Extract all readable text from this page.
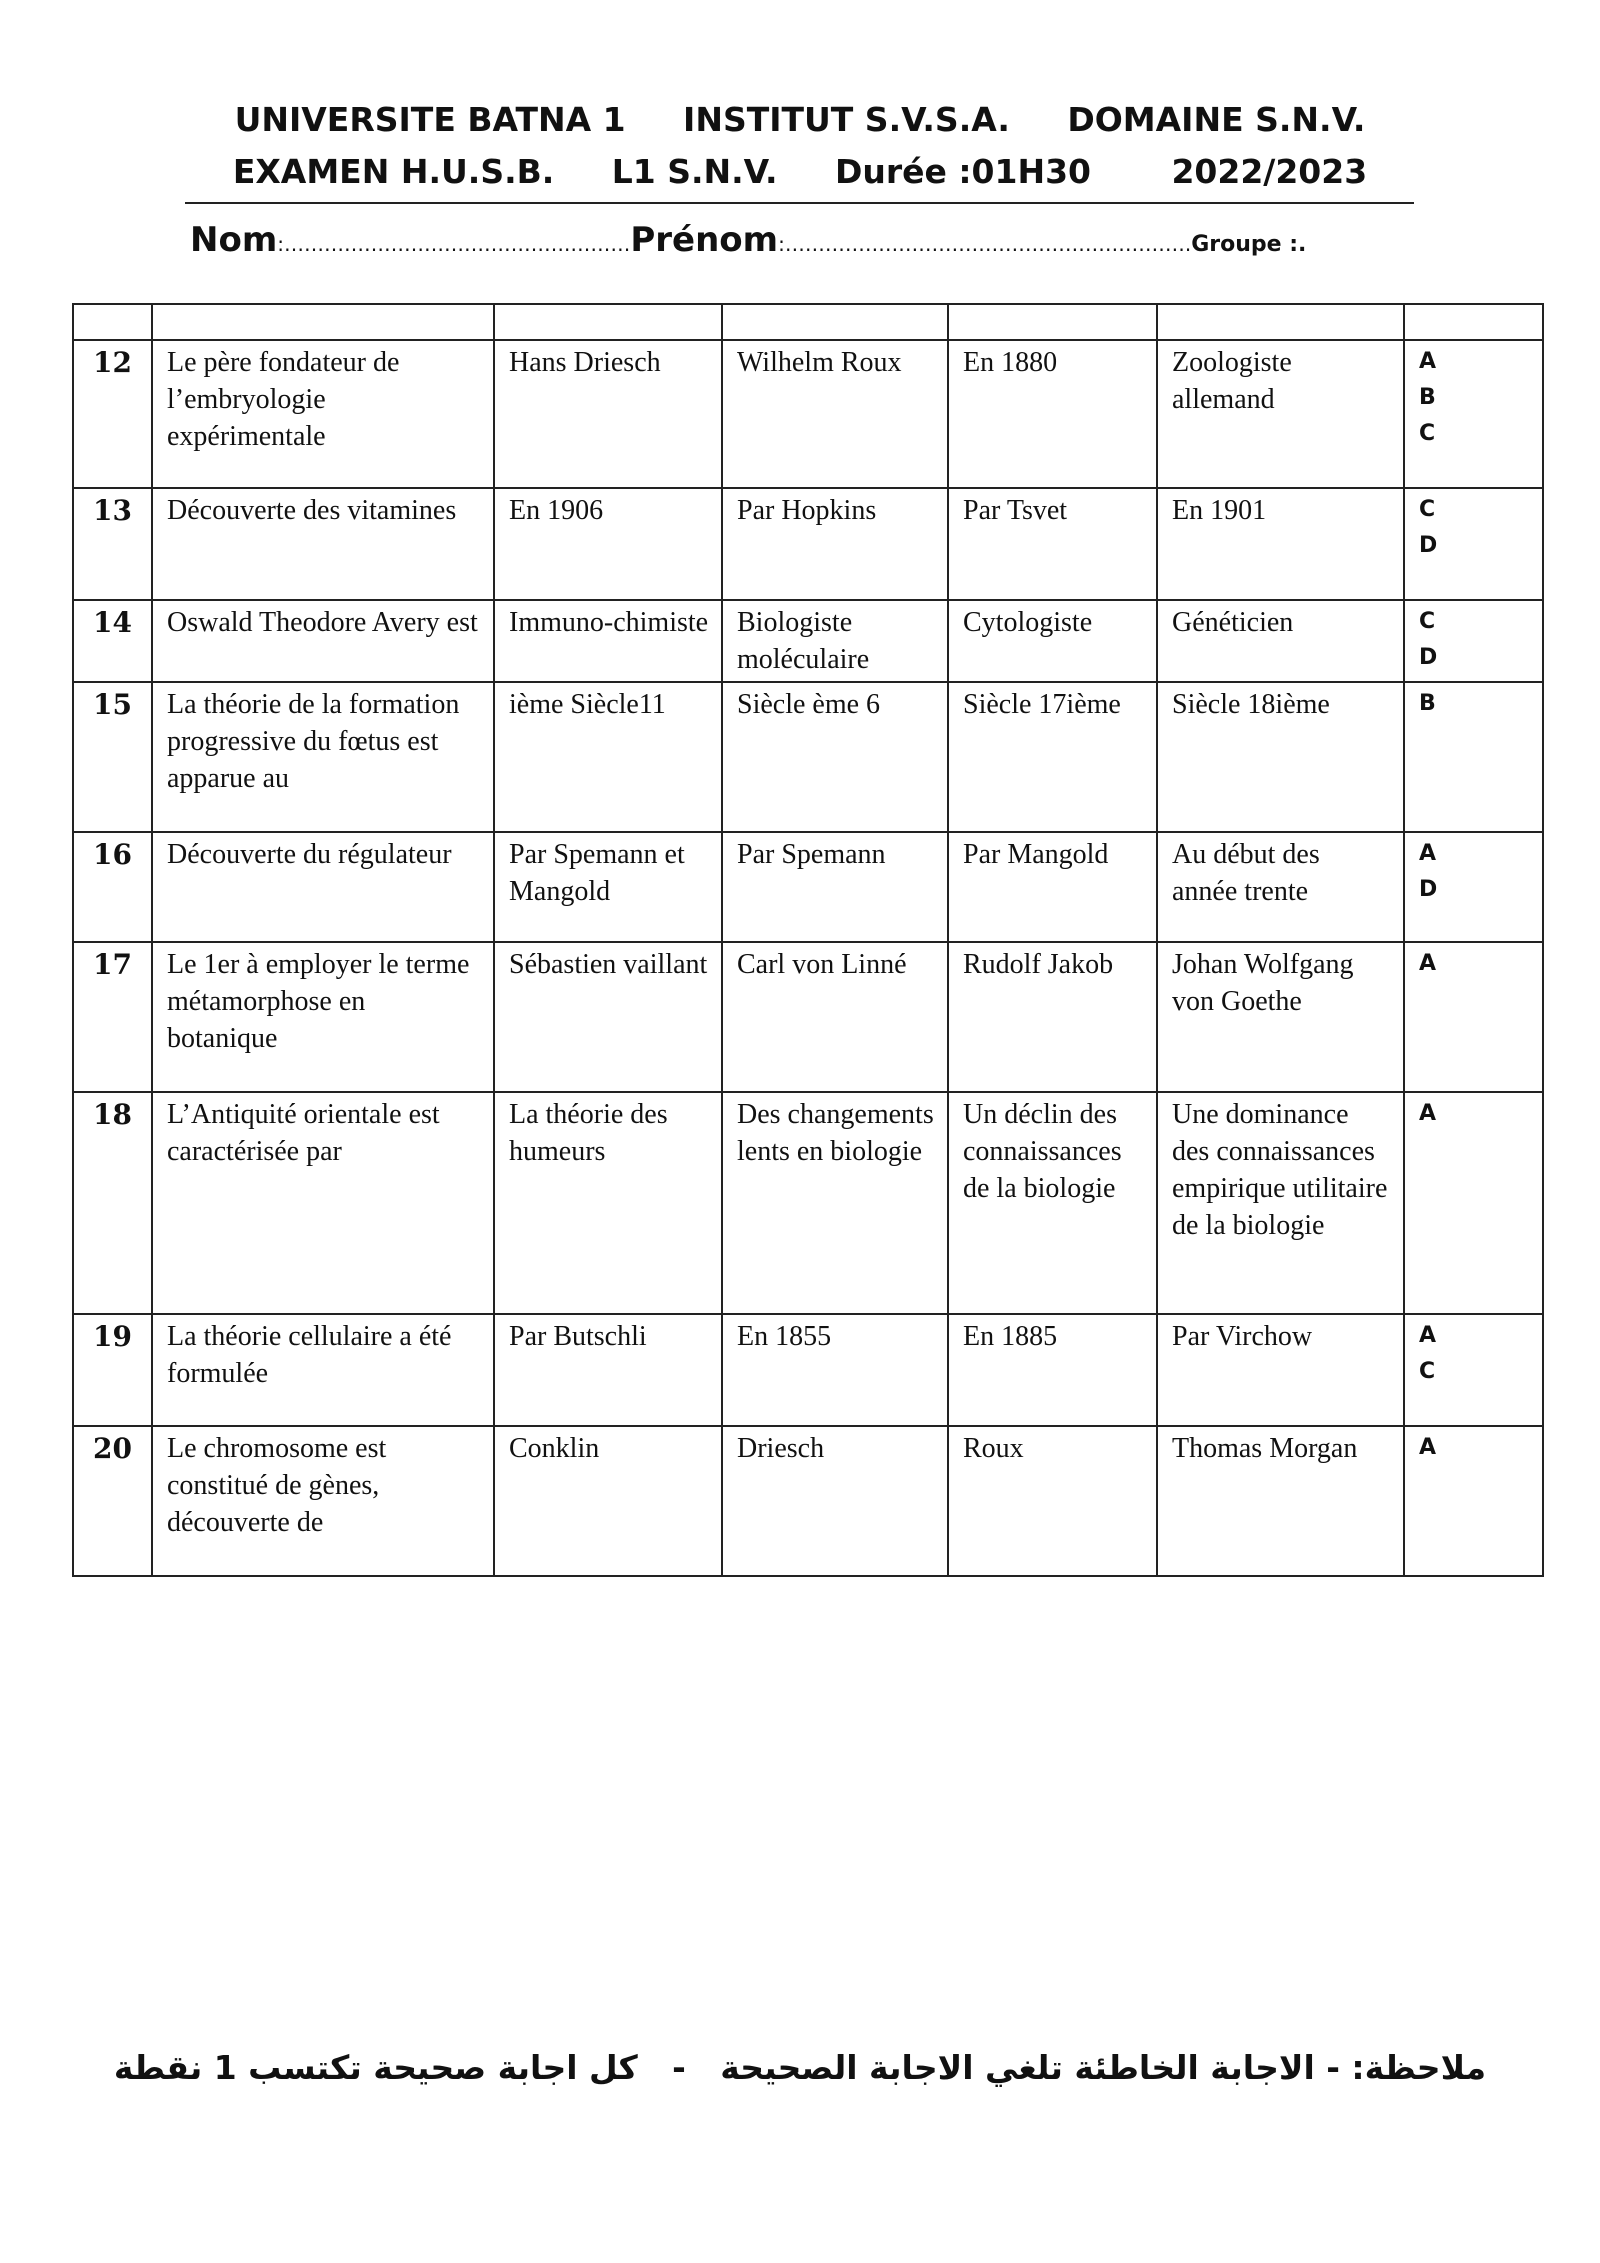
UNIVERSITE BATNA 1     INSTITUT S.V.S.A.     DOMAINE S.N.V.
EXAMEN H.U.S.B.     L1 S.N.V.     Durée :01H30       2022/2023
Nom:…………………………………….………Prénom:…………………………………………………….Groupe :.

12	Le père fondateur de l’embryologie expérimentale	Hans Driesch	Wilhelm Roux	En 1880	Zoologiste allemand	A
B
C

13	Découverte des vitamines	En 1906	Par Hopkins	Par Tsvet	En 1901	C
D

14	Oswald Theodore Avery est	Immuno-chimiste	Biologiste moléculaire	Cytologiste	Généticien	C
D

15	La théorie de la formation progressive du fœtus est apparue au	ième Siècle11	Siècle ème 6	Siècle 17ième	Siècle 18ième	B

16	Découverte du régulateur	Par Spemann et Mangold	Par Spemann	Par Mangold	Au début des année trente	A
D

17	Le 1er à employer le terme métamorphose en botanique	Sébastien vaillant	Carl von Linné	Rudolf Jakob	Johan Wolfgang von Goethe	A

18	L’Antiquité orientale est caractérisée par	La théorie des humeurs	Des changements lents en biologie	Un déclin des connaissances de la biologie	Une dominance des connaissances empirique utilitaire de la biologie	A

19	La théorie cellulaire a été formulée	Par Butschli	En 1855	En 1885	Par Virchow	A
C

20	Le chromosome est constitué de gènes, découverte de	Conklin	Driesch	Roux	Thomas Morgan	A
ملاحظة: - الاجابة الخاطئة تلغي الاجابة الصحيحة   -   كل اجابة صحيحة تكتسب 1 نقطة
